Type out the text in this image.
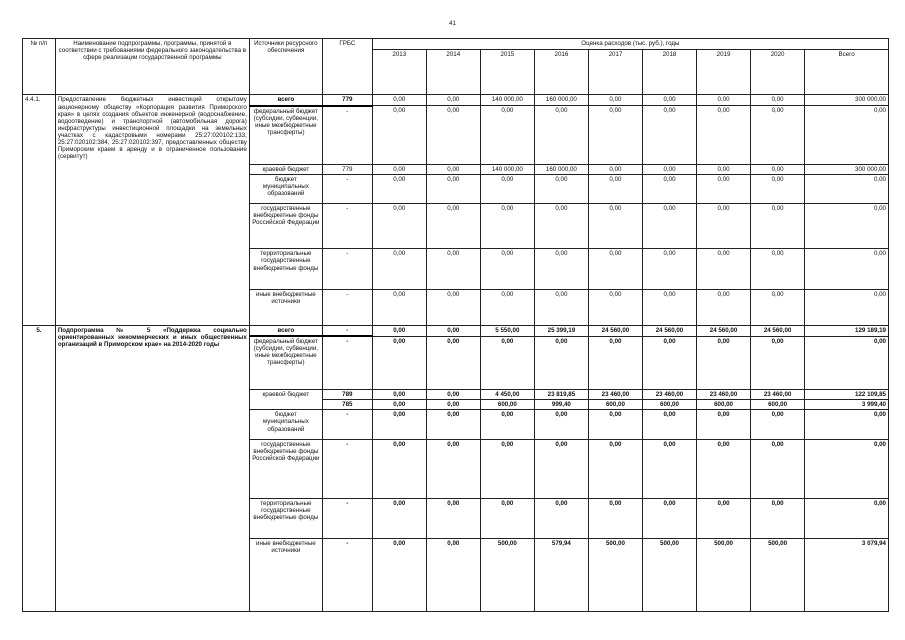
41
№ п/п	Наименование подпрограммы, программы, принятой в соответствии с требованиями федерального законодательства в сфере реализации государственной программы	Источники ресурсного обеспечения	ГРБС	Оценка расходов (тыс. руб.), годы								
				2013	2014	2015	2016	2017	2018	2019	2020	Всего
4.4.1.	Предоставление бюджетных инвестиций открытому акционерному обществу «Корпорация развития Приморского края» в целях создания объектов инженерной (водоснабжение, водоотведение) и транспортной (автомобильная дорога) инфраструктуры инвестиционной площадки на земельных участках с кадастровыми номерами 25:27:020102:133, 25:27:020102:384, 25:27:020102:397, предоставленных обществу Приморским краем в аренду и в ограниченное пользование (сервитут)	всего	779	0,00	0,00	140 000,00	160 000,00	0,00	0,00	0,00	0,00	300 000,00
		федеральный бюджет (субсидии, субвенции, иные межбюджетные трансферты)	-	0,00	0,00	0,00	0,00	0,00	0,00	0,00	0,00	0,00
		краевой бюджет	779	0,00	0,00	140 000,00	160 000,00	0,00	0,00	0,00	0,00	300 000,00
		бюджет муниципальных образований	-	0,00	0,00	0,00	0,00	0,00	0,00	0,00	0,00	0,00
		государственные внебюджетные фонды Российской Федерации	-	0,00	0,00	0,00	0,00	0,00	0,00	0,00	0,00	0,00
		территориальные государственные внебюджетные фонды	-	0,00	0,00	0,00	0,00	0,00	0,00	0,00	0,00	0,00
		иные внебюджетные источники	-	0,00	0,00	0,00	0,00	0,00	0,00	0,00	0,00	0,00
5.	Подпрограмма № 5 «Поддержка социально ориентированных некоммерческих и иных общественных организаций в Приморском крае» на 2014-2020 годы	всего	-	0,00	0,00	5 550,00	25 399,19	24 560,00	24 560,00	24 560,00	24 560,00	129 189,19
		федеральный бюджет (субсидии, субвенции, иные межбюджетные трансферты)	-	0,00	0,00	0,00	0,00	0,00	0,00	0,00	0,00	0,00
		краевой бюджет	789	0,00	0,00	4 450,00	23 819,85	23 460,00	23 460,00	23 460,00	23 460,00	122 109,85
			785	0,00	0,00	600,00	999,40	600,00	600,00	600,00	600,00	3 999,40
		бюджет муниципальных образований	-	0,00	0,00	0,00	0,00	0,00	0,00	0,00	0,00	0,00
		государственные внебюджетные фонды Российской Федерации	-	0,00	0,00	0,00	0,00	0,00	0,00	0,00	0,00	0,00
		территориальные государственные внебюджетные фонды	-	0,00	0,00	0,00	0,00	0,00	0,00	0,00	0,00	0,00
		иные внебюджетные источники	-	0,00	0,00	500,00	579,94	500,00	500,00	500,00	500,00	3 079,94
